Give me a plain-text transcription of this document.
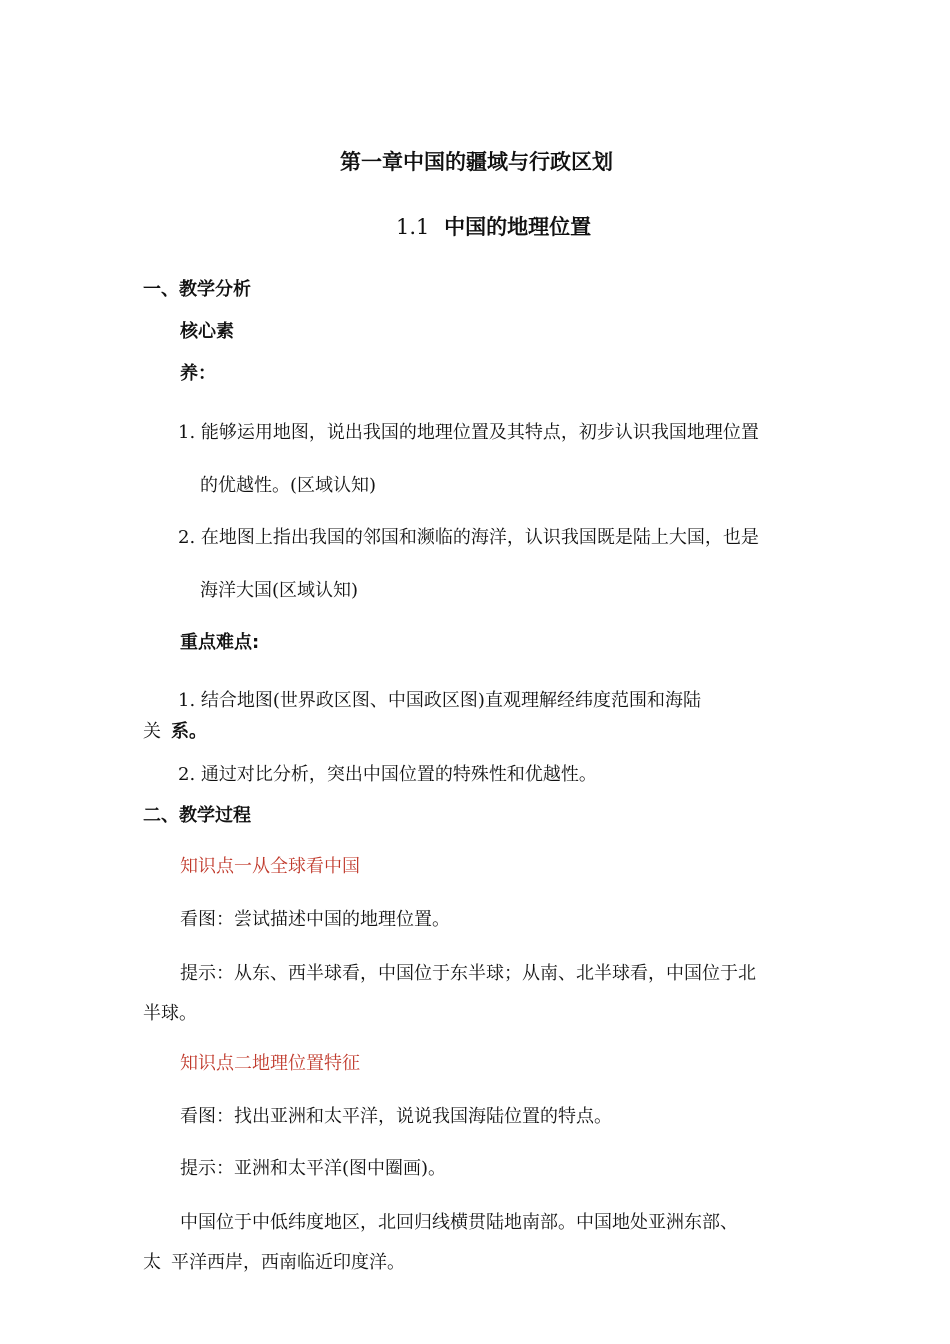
第一章中国的疆域与行政区划
1.1 中国的地理位置
一、教学分析
核心素
养：
1. 能够运用地图，说出我国的地理位置及其特点，初步认识我国地理位置
的优越性。(区域认知)
2. 在地图上指出我国的邻国和濒临的海洋，认识我国既是陆上大国，也是
海洋大国(区域认知)
重点难点:
1. 结合地图(世界政区图、中国政区图)直观理解经纬度范围和海陆
关 系。
2. 通过对比分析，突出中国位置的特殊性和优越性。
二、教学过程
知识点一从全球看中国
看图：尝试描述中国的地理位置。
提示：从东、西半球看，中国位于东半球；从南、北半球看，中国位于北
半球。
知识点二地理位置特征
看图：找出亚洲和太平洋，说说我国海陆位置的特点。
提示：亚洲和太平洋(图中圈画)。
中国位于中低纬度地区，北回归线横贯陆地南部。中国地处亚洲东部、
太 平洋西岸，西南临近印度洋。
